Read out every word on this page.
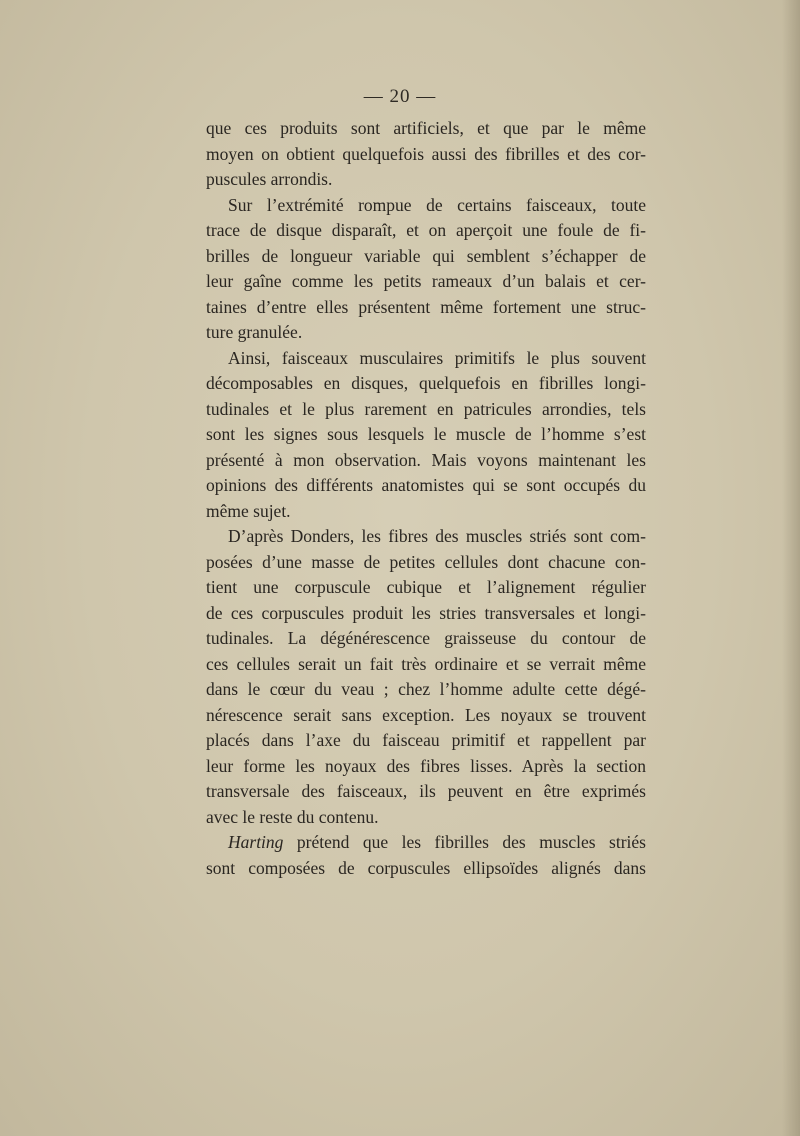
— 20 —
que ces produits sont artificiels, et que par le même
moyen on obtient quelquefois aussi des fibrilles et des cor-
puscules arrondis.
Sur l’extrémité rompue de certains faisceaux, toute
trace de disque disparaît, et on aperçoit une foule de fi-
brilles de longueur variable qui semblent s’échapper de
leur gaîne comme les petits rameaux d’un balais et cer-
taines d’entre elles présentent même fortement une struc-
ture granulée.
Ainsi, faisceaux musculaires primitifs le plus souvent
décomposables en disques, quelquefois en fibrilles longi-
tudinales et le plus rarement en patricules arrondies, tels
sont les signes sous lesquels le muscle de l’homme s’est
présenté à mon observation. Mais voyons maintenant les
opinions des différents anatomistes qui se sont occupés du
même sujet.
D’après Donders, les fibres des muscles striés sont com-
posées d’une masse de petites cellules dont chacune con-
tient une corpuscule cubique et l’alignement régulier
de ces corpuscules produit les stries transversales et longi-
tudinales. La dégénérescence graisseuse du contour de
ces cellules serait un fait très ordinaire et se verrait même
dans le cœur du veau ; chez l’homme adulte cette dégé-
nérescence serait sans exception. Les noyaux se trouvent
placés dans l’axe du faisceau primitif et rappellent par
leur forme les noyaux des fibres lisses. Après la section
transversale des faisceaux, ils peuvent en être exprimés
avec le reste du contenu.
Harting prétend que les fibrilles des muscles striés
sont composées de corpuscules ellipsoïdes alignés dans
